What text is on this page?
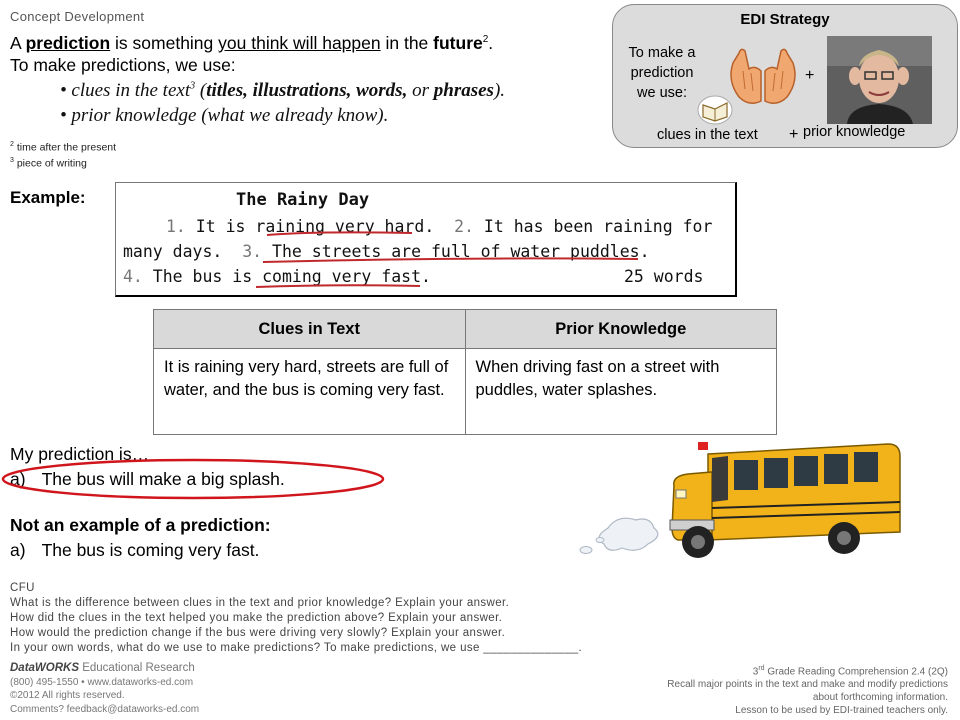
Concept Development
A prediction is something you think will happen in the future$^2$.
To make predictions, we use:
• clues in the text$^3$ (titles, illustrations, words, or phrases).
• prior knowledge (what we already know).
$^2$ time after the present
$^3$ piece of writing
EDI Strategy
To make a
prediction
we use:
+
clues in the text + prior knowledge
Example:	The Rainy Day
1. It is raining very hard. 2. It has been raining for
many days. 3. The streets are full of water puddles.
4. The bus is coming very fast.	25 words
Clues in Text	Prior Knowledge
It is raining very hard, streets are full of water, and the bus is coming very fast.	When driving fast on a street with puddles, water splashes.
My prediction is…
a) The bus will make a big splash.
Not an example of a prediction:
a) The bus is coming very fast.
CFU
What is the difference between clues in the text and prior knowledge? Explain your answer.
How did the clues in the text helped you make the prediction above? Explain your answer.
How would the prediction change if the bus were driving very slowly? Explain your answer.
In your own words, what do we use to make predictions? To make predictions, we use ______________.
DataWORKS Educational Research
(800) 495-1550 • www.dataworks-ed.com
©2012 All rights reserved.
Comments? feedback@dataworks-ed.com
3rd Grade Reading Comprehension 2.4 (2Q)
Recall major points in the text and make and modify predictions
about forthcoming information.
Lesson to be used by EDI-trained teachers only.
